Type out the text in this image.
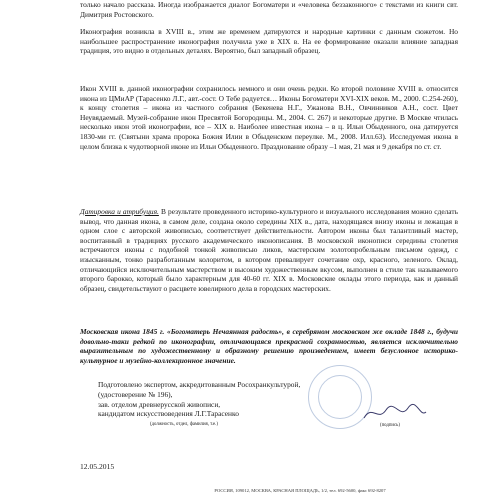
только начало рассказа. Иногда изображается диалог Богоматери и «человека беззаконного» с текстами из книги свт. Димитрия Ростовского.

Иконография возникла в XVIII в., этим же временем датируются и народные картинки с данным сюжетом. Но наибольшее распространение иконография получила уже в XIX в. На ее формирование оказали влияние западная традиция, это видно в отдельных деталях. Вероятно, был западный образец.

Икон XVIII в. данной иконографии сохранилось немного и они очень редки. Ко второй половине XVIII в. относится икона из ЦМиАР (Тарасенко Л.Г., авт.-сост. О Тебе радуется… Иконы Богоматери XVI-XIX веков. М., 2000. С.254-260), к концу столетия – икона из частного собрания (Бекенева Н.Г., Ужанова В.Н., Овчинников А.Н., сост. Цвет Неувядаемый. Музей-собрание икон Пресвятой Богородицы. М., 2004. С. 267) и некоторые другие. В Москве чтилась несколько икон этой иконографии, все – XIX в. Наиболее известная икона – в ц. Ильи Обыденного, она датируется 1830-ми гг. (Святыни храма пророка Божия Илии в Обыденском переулке. М., 2008. Илл.63). Исследуемая икона в целом близка к чудотворной иконе из Ильи Обыденного. Празднование образу –1 мая, 21 мая и 9 декабря по ст. ст.

Датировка и атрибуция. В результате проведенного историко-культурного и визуального исследования можно сделать вывод, что данная икона, в самом деле, создана около середины XIX в., дата, находящаяся внизу иконы и лежащая в одном слое с авторской живописью, соответствует действительности. Автором иконы был талантливый мастер, воспитанный в традициях русского академического иконописания. В московской иконописи середины столетия встречаются иконы с подобной тонкой живописью ликов, мастерским золотопробельным письмом одежд, с изысканным, тонко разработанным колоритом, в котором превалирует сочетание охр, красного, зеленого. Оклад, отличающийся исключительным мастерством и высоким художественным вкусом, выполнен в стиле так называемого второго барокко, который было характерным для 40-60 гг. XIX в. Московские оклады этого периода, как и данный образец, свидетельствуют о расцвете ювелирного дела в городских мастерских.

Московская икона 1845 г. «Богоматерь Нечаянная радость», в серебряном московском же окладе 1848 г., будучи довольно-таки редкой по иконографии, отличающаяся прекрасной сохранностью, является исключительно выразительным по художественному и образному решению произведением, имеет безусловное историко-культурное и музейно-коллекционное значение.

Подготовлено экспертом, аккредитованным Росохранкультурой,
(удостоверение № 196),
зав. отделом древнерусской живописи,
кандидатом искусствоведения Л.Г.Тарасенко

(должность, отдел, фамилия, т.е.)	(подпись)
12.05.2015
РОССИЯ, 109012, МОСКВА, КРАСНАЯ ПЛОЩАДЬ, 1/2, тел. 692-5600, факс 692-8207
